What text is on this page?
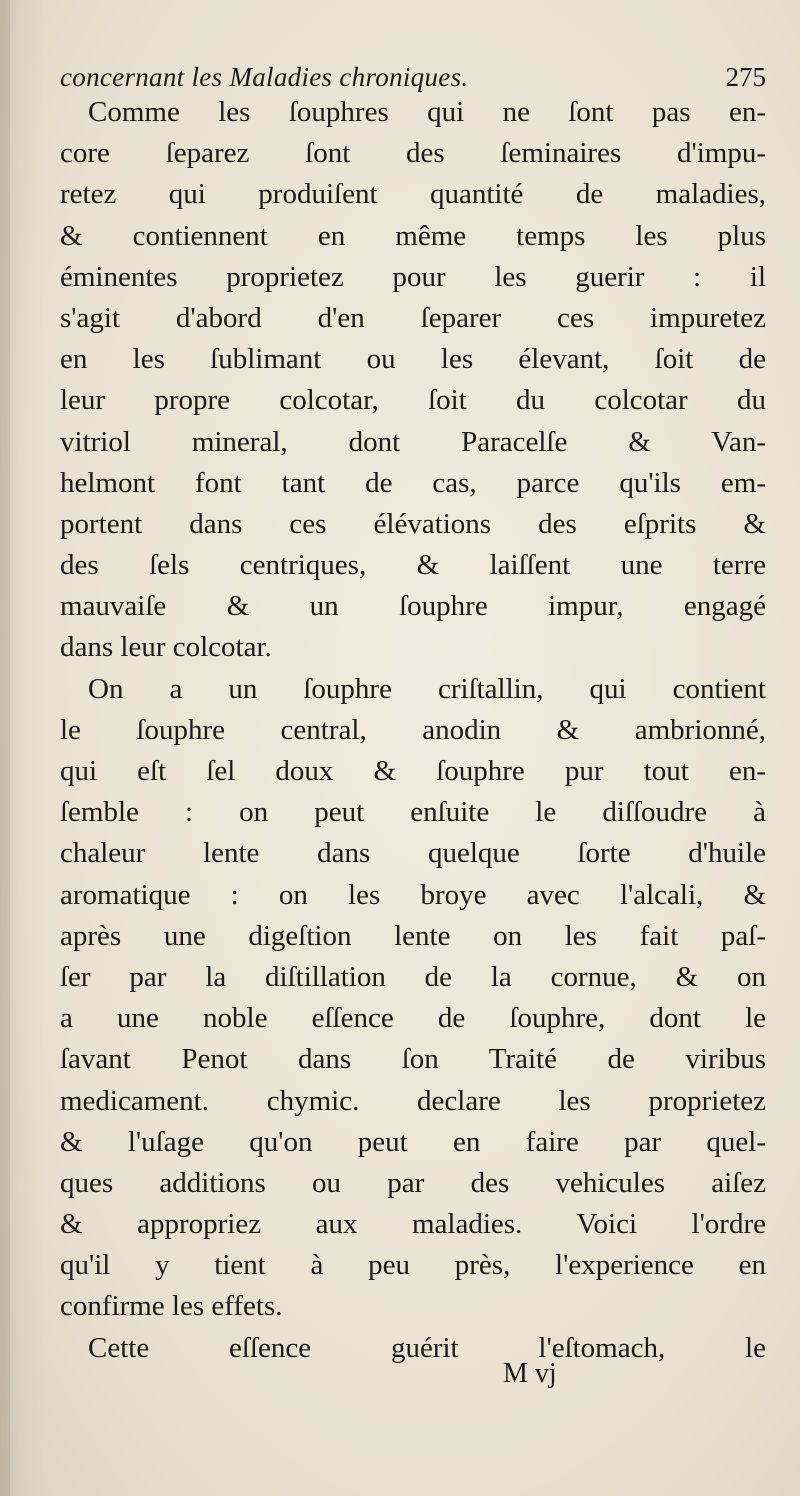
concernant les Maladies chroniques.	275
Comme les ſouphres qui ne ſont pas en-
core ſeparez ſont des ſeminaires d'impu-
retez qui produiſent quantité de maladies,
& contiennent en même temps les plus
éminentes proprietez pour les guerir : il
s'agit d'abord d'en ſeparer ces impuretez
en les ſublimant ou les élevant, ſoit de
leur propre colcotar, ſoit du colcotar du
vitriol mineral, dont Paracelſe & Van-
helmont font tant de cas, parce qu'ils em-
portent dans ces élévations des eſprits &
des ſels centriques, & laiſſent une terre
mauvaiſe & un ſouphre impur, engagé
dans leur colcotar.
On a un ſouphre criſtallin, qui contient
le ſouphre central, anodin & ambrionné,
qui eſt ſel doux & ſouphre pur tout en-
ſemble : on peut enſuite le diſſoudre à
chaleur lente dans quelque ſorte d'huile
aromatique : on les broye avec l'alcali, &
après une digeſtion lente on les fait paſ-
ſer par la diſtillation de la cornue, & on
a une noble eſſence de ſouphre, dont le
ſavant Penot dans ſon Traité de viribus
medicament. chymic. declare les proprietez
& l'uſage qu'on peut en faire par quel-
ques additions ou par des vehicules aiſez
& appropriez aux maladies. Voici l'ordre
qu'il y tient à peu près, l'experience en
confirme les effets.
Cette eſſence guérit l'eſtomach, le
M vj
